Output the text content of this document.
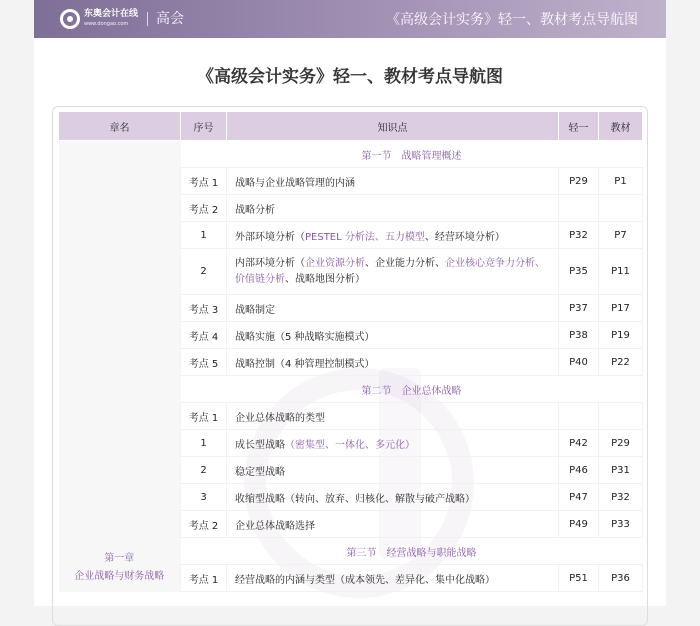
东奥会计在线
www.dongao.com 高会	《高级会计实务》轻一、教材考点导航图
《高级会计实务》轻一、教材考点导航图
章名	序号	知识点	轻一	教材

第一章
企业战略与财务战略	第一节　战略管理概述			
	考点 1	战略与企业战略管理的内涵	P29	P1
	考点 2	战略分析		
	1	外部环境分析（PESTEL 分析法、五力模型、经营环境分析）	P32	P7
	2	内部环境分析（企业资源分析、企业能力分析、企业核心竞争力分析、价值链分析、战略地图分析）	P35	P11
	考点 3	战略制定	P37	P17
	考点 4	战略实施（5 种战略实施模式）	P38	P19
	考点 5	战略控制（4 种管理控制模式）	P40	P22
	第二节　企业总体战略			
	考点 1	企业总体战略的类型		
	1	成长型战略（密集型、一体化、多元化）	P42	P29
	2	稳定型战略	P46	P31
	3	收缩型战略（转向、放弃、归核化、解散与破产战略）	P47	P32
	考点 2	企业总体战略选择	P49	P33
	第三节　经营战略与职能战略			
	考点 1	经营战略的内涵与类型（成本领先、差异化、集中化战略）	P51	P36
